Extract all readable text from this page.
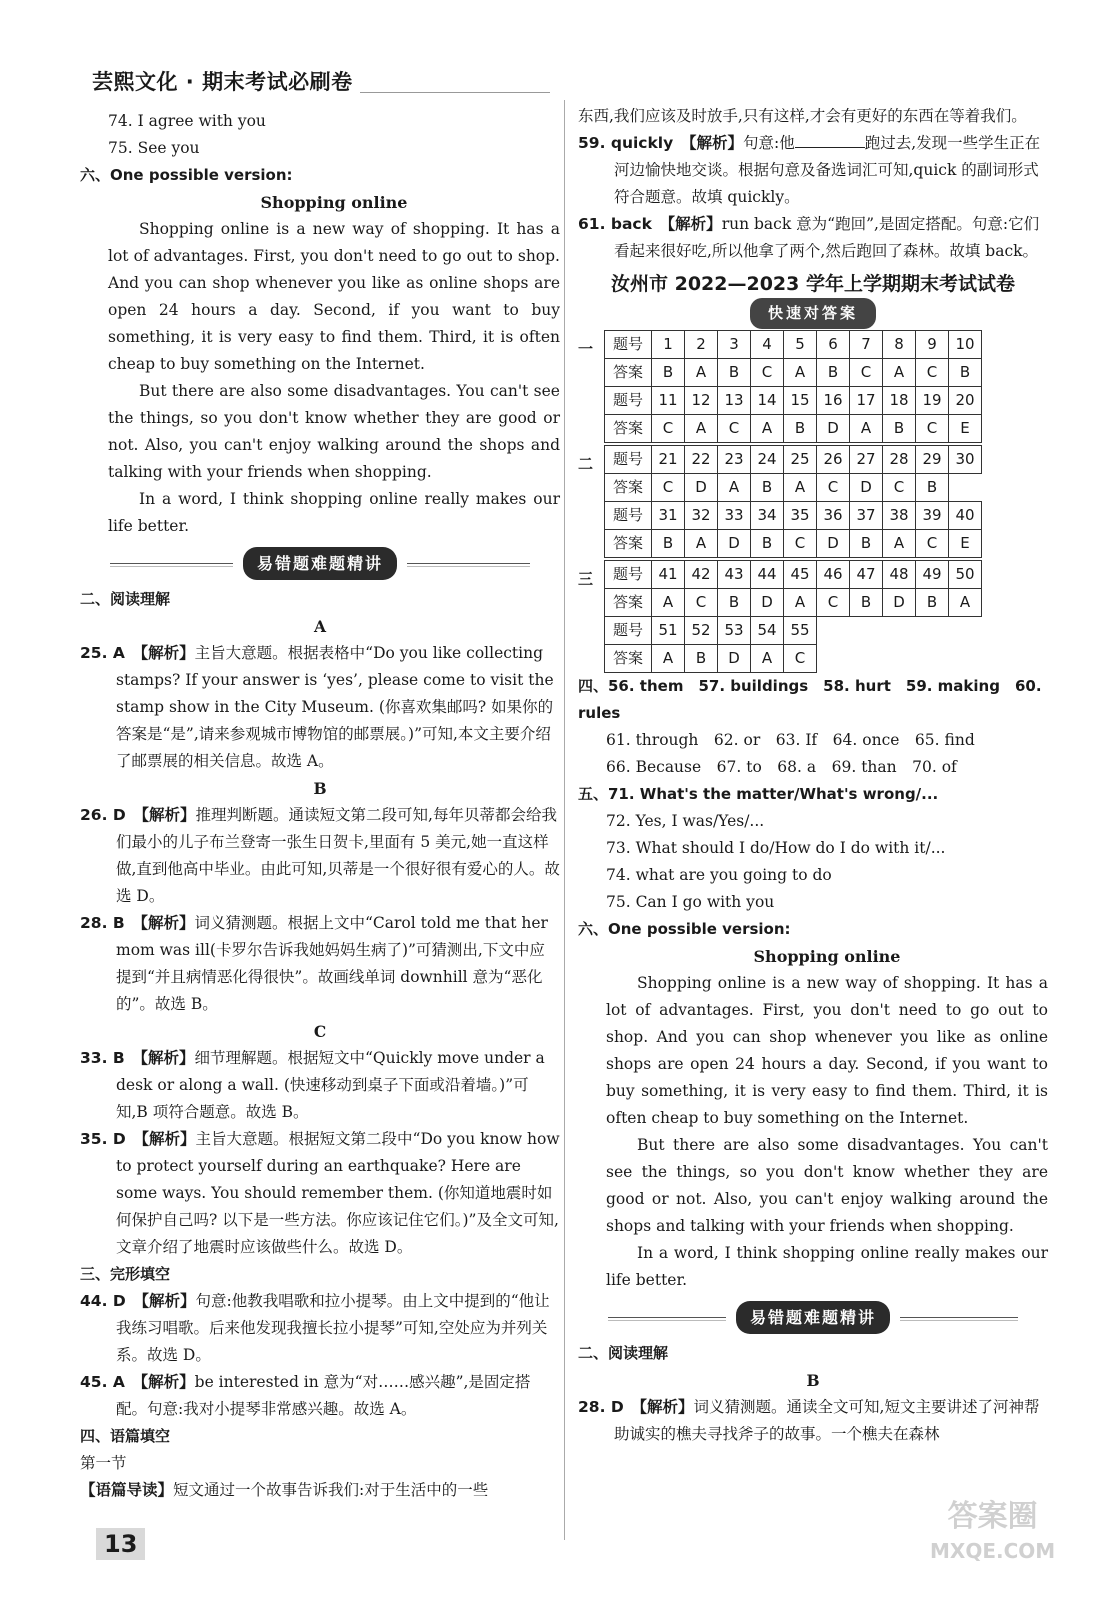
芸熙文化 · 期末考试必刷卷

74. I agree with you

75. See you

六、One possible version:

Shopping online

Shopping online is a new way of shopping. It has a lot of advantages. First, you don't need to go out to shop. And you can shop whenever you like as online shops are open 24 hours a day. Second, if you want to buy something, it is very easy to find them. Third, it is often cheap to buy something on the Internet.

But there are also some disadvantages. You can't see the things, so you don't know whether they are good or not. Also, you can't enjoy walking around the shops and talking with your friends when shopping.

In a word, I think shopping online really makes our life better.

易错题难题精讲

二、阅读理解

A

25. A　 【解析】主旨大意题。根据表格中“Do you like collecting stamps? If your answer is ‘yes’, please come to visit the stamp show in the City Museum. (你喜欢集邮吗? 如果你的答案是“是”,请来参观城市博物馆的邮票展。)”可知,本文主要介绍了邮票展的相关信息。故选 A。

B

26. D　 【解析】推理判断题。通读短文第二段可知,每年贝蒂都会给我们最小的儿子布兰登寄一张生日贺卡,里面有 5 美元,她一直这样做,直到他高中毕业。由此可知,贝蒂是一个很好很有爱心的人。故选 D。

28. B　 【解析】词义猜测题。根据上文中“Carol told me that her mom was ill(卡罗尔告诉我她妈妈生病了)”可猜测出,下文中应提到“并且病情恶化得很快”。故画线单词 downhill 意为“恶化的”。故选 B。

C

33. B　 【解析】细节理解题。根据短文中“Quickly move under a desk or along a wall. (快速移动到桌子下面或沿着墙。)”可知,B 项符合题意。故选 B。

35. D　 【解析】主旨大意题。根据短文第二段中“Do you know how to protect yourself during an earthquake? Here are some ways. You should remember them. (你知道地震时如何保护自己吗? 以下是一些方法。你应该记住它们。)”及全文可知,文章介绍了地震时应该做些什么。故选 D。

三、完形填空

44. D　 【解析】句意:他教我唱歌和拉小提琴。由上文中提到的“他让我练习唱歌。后来他发现我擅长拉小提琴”可知,空处应为并列关系。故选 D。

45. A　 【解析】be interested in 意为“对……感兴趣”,是固定搭配。句意:我对小提琴非常感兴趣。故选 A。

四、语篇填空

第一节

【语篇导读】短文通过一个故事告诉我们:对于生活中的一些

东西,我们应该及时放手,只有这样,才会有更好的东西在等着我们。

59. quickly　 【解析】句意:他	跑过去,发现一些学生正在河边愉快地交谈。根据句意及备选词汇可知,quick 的副词形式符合题意。故填 quickly。

61. back　 【解析】run back 意为“跑回”,是固定搭配。句意:它们看起来很好吃,所以他拿了两个,然后跑回了森林。故填 back。

汝州市 2022—2023 学年上学期期末考试试卷
快速对答案
一	题号	1	2	3	4	5	6	7	8	9	10
答案	B	A	B	C	A	B	C	A	C	B
题号	11	12	13	14	15	16	17	18	19	20
答案	C	A	C	A	B	D	A	B	C	E
二	题号	21	22	23	24	25	26	27	28	29	30
答案	C	D	A	B	A	C	D	C	B	
题号	31	32	33	34	35	36	37	38	39	40
答案	B	A	D	B	C	D	B	A	C	E
三	题号	41	42	43	44	45	46	47	48	49	50
答案	A	C	B	D	A	C	B	D	B	A
题号	51	52	53	54	55					
答案	A	B	D	A	C					

四、56. them　57. buildings　58. hurt　59. making　60. rules

61. through　62. or　63. If　64. once　65. find

66. Because　67. to　68. a　69. than　70. of

五、71. What's the matter/What's wrong/...

72. Yes, I was/Yes/...

73. What should I do/How do I do with it/...

74. what are you going to do

75. Can I go with you

六、One possible version:

Shopping online

Shopping online is a new way of shopping. It has a lot of advantages. First, you don't need to go out to shop. And you can shop whenever you like as online shops are open 24 hours a day. Second, if you want to buy something, it is very easy to find them. Third, it is often cheap to buy something on the Internet.

But there are also some disadvantages. You can't see the things, so you don't know whether they are good or not. Also, you can't enjoy walking around the shops and talking with your friends when shopping.

In a word, I think shopping online really makes our life better.

易错题难题精讲

二、阅读理解

B

28. D　 【解析】词义猜测题。通读全文可知,短文主要讲述了河神帮助诚实的樵夫寻找斧子的故事。一个樵夫在森林

13
答案圈
MXQE.COM
